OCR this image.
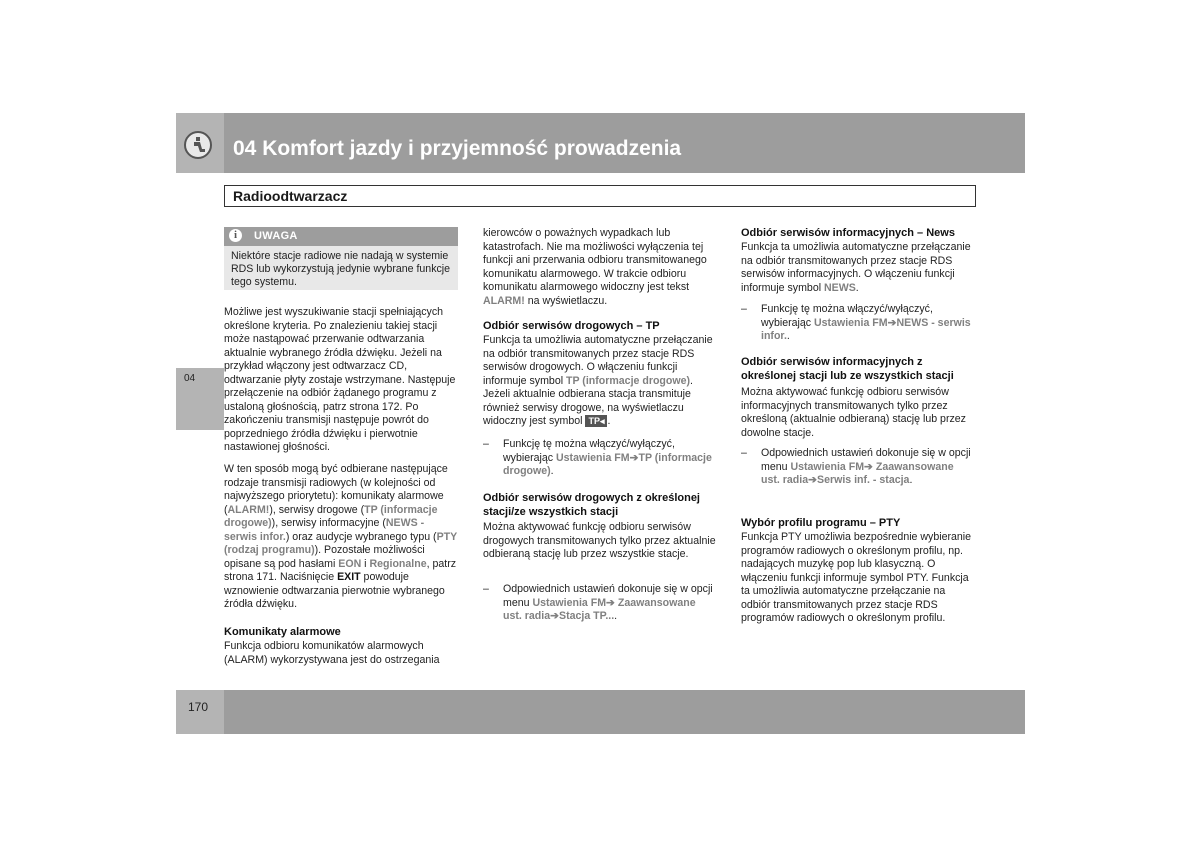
04 Komfort jazdy i przyjemność prowadzenia
Radioodtwarzacz
04
170
i	UWAGA
Niektóre stacje radiowe nie nadają w systemie RDS lub wykorzystują jedynie wybrane funkcje tego systemu.

Możliwe jest wyszukiwanie stacji spełniających określone kryteria. Po znalezieniu takiej stacji może nastąpować przerwanie odtwarzania aktualnie wybranego źródła dźwięku. Jeżeli na przykład włączony jest odtwarzacz CD, odtwarzanie płyty zostaje wstrzymane. Następuje przełączenie na odbiór żądanego programu z ustaloną głośnością, patrz strona 172. Po zakończeniu transmisji następuje powrót do poprzedniego źródła dźwięku i pierwotnie nastawionej głośności.

W ten sposób mogą być odbierane następujące rodzaje transmisji radiowych (w kolejności od najwyższego priorytetu): komunikaty alarmowe (ALARM!), serwisy drogowe (TP (informacje drogowe)), serwisy informacyjne (NEWS - serwis infor.) oraz audycje wybranego typu (PTY (rodzaj programu)). Pozostałe możliwości opisane są pod hasłami EON i Regionalne, patrz strona 171. Naciśnięcie EXIT powoduje wznowienie odtwarzania pierwotnie wybranego źródła dźwięku.

Komunikaty alarmowe

Funkcja odbioru komunikatów alarmowych (ALARM) wykorzystywana jest do ostrzegania

kierowców o poważnych wypadkach lub katastrofach. Nie ma możliwości wyłączenia tej funkcji ani przerwania odbioru transmitowanego komunikatu alarmowego. W trakcie odbioru komunikatu alarmowego widoczny jest tekst ALARM! na wyświetlaczu.

Odbiór serwisów drogowych – TP

Funkcja ta umożliwia automatyczne przełączanie na odbiór transmitowanych przez stacje RDS serwisów drogowych. O włączeniu funkcji informuje symbol TP (informacje drogowe). Jeżeli aktualnie odbierana stacja transmituje również serwisy drogowe, na wyświetlaczu widoczny jest symbol TP◂ .

– Funkcję tę można włączyć/wyłączyć, wybierając Ustawienia FM➔TP (informacje drogowe).

Odbiór serwisów drogowych z określonej stacji/ze wszystkich stacji

Można aktywować funkcję odbioru serwisów drogowych transmitowanych tylko przez aktualnie odbieraną stację lub przez wszystkie stacje.

– Odpowiednich ustawień dokonuje się w opcji menu Ustawienia FM➔ Zaawansowane ust. radia➔Stacja TP....

Odbiór serwisów informacyjnych – News

Funkcja ta umożliwia automatyczne przełączanie na odbiór transmitowanych przez stacje RDS serwisów informacyjnych. O włączeniu funkcji informuje symbol NEWS.

– Funkcję tę można włączyć/wyłączyć, wybierając Ustawienia FM➔NEWS - serwis infor..

Odbiór serwisów informacyjnych z określonej stacji lub ze wszystkich stacji

Można aktywować funkcję odbioru serwisów informacyjnych transmitowanych tylko przez określoną (aktualnie odbieraną) stację lub przez dowolne stacje.

– Odpowiednich ustawień dokonuje się w opcji menu Ustawienia FM➔ Zaawansowane ust. radia➔Serwis inf. - stacja.

Wybór profilu programu – PTY

Funkcja PTY umożliwia bezpośrednie wybieranie programów radiowych o określonym profilu, np. nadających muzykę pop lub klasyczną. O włączeniu funkcji informuje symbol PTY. Funkcja ta umożliwia automatyczne przełączanie na odbiór transmitowanych przez stacje RDS programów radiowych o określonym profilu.
